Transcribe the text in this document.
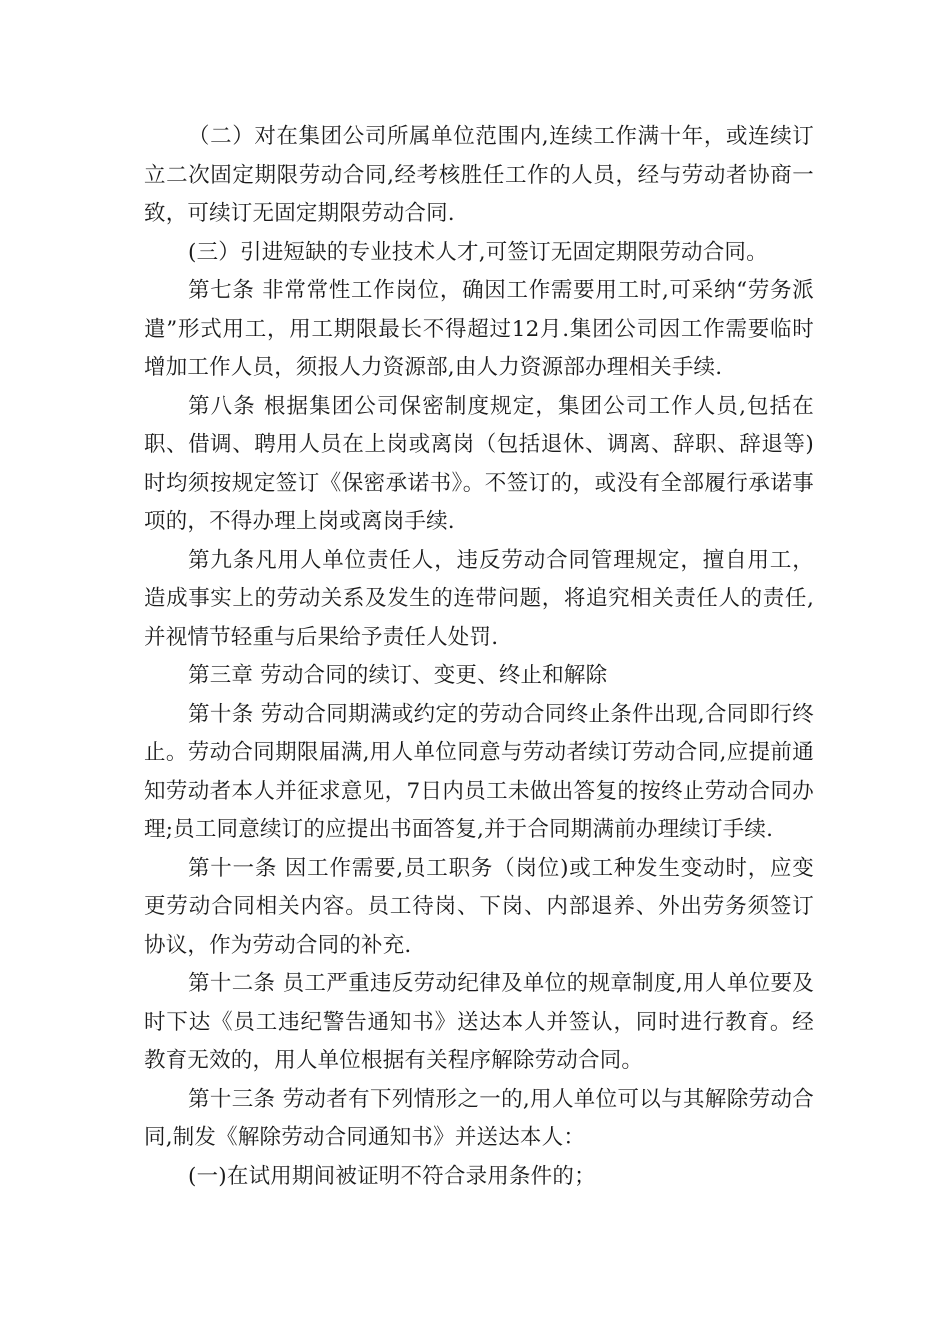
（二）对在集团公司所属单位范围内,连续工作满十年，或连续订立二次固定期限劳动合同,经考核胜任工作的人员，经与劳动者协商一致，可续订无固定期限劳动合同.

(三）引进短缺的专业技术人才,可签订无固定期限劳动合同。

第七条 非常常性工作岗位，确因工作需要用工时,可采纳“劳务派遣”形式用工，用工期限最长不得超过12月.集团公司因工作需要临时增加工作人员，须报人力资源部,由人力资源部办理相关手续.

第八条 根据集团公司保密制度规定，集团公司工作人员,包括在职、借调、聘用人员在上岗或离岗（包括退休、调离、辞职、辞退等)时均须按规定签订《保密承诺书》。不签订的，或没有全部履行承诺事项的，不得办理上岗或离岗手续.

第九条凡用人单位责任人，违反劳动合同管理规定，擅自用工，造成事实上的劳动关系及发生的连带问题，将追究相关责任人的责任,并视情节轻重与后果给予责任人处罚.

第三章 劳动合同的续订、变更、终止和解除

第十条 劳动合同期满或约定的劳动合同终止条件出现,合同即行终止。劳动合同期限届满,用人单位同意与劳动者续订劳动合同,应提前通知劳动者本人并征求意见，7日内员工未做出答复的按终止劳动合同办理;员工同意续订的应提出书面答复,并于合同期满前办理续订手续.

第十一条 因工作需要,员工职务（岗位)或工种发生变动时，应变更劳动合同相关内容。员工待岗、下岗、内部退养、外出劳务须签订协议，作为劳动合同的补充.

第十二条 员工严重违反劳动纪律及单位的规章制度,用人单位要及时下达《员工违纪警告通知书》送达本人并签认，同时进行教育。经教育无效的，用人单位根据有关程序解除劳动合同。

第十三条 劳动者有下列情形之一的,用人单位可以与其解除劳动合同,制发《解除劳动合同通知书》并送达本人：

(一)在试用期间被证明不符合录用条件的；
